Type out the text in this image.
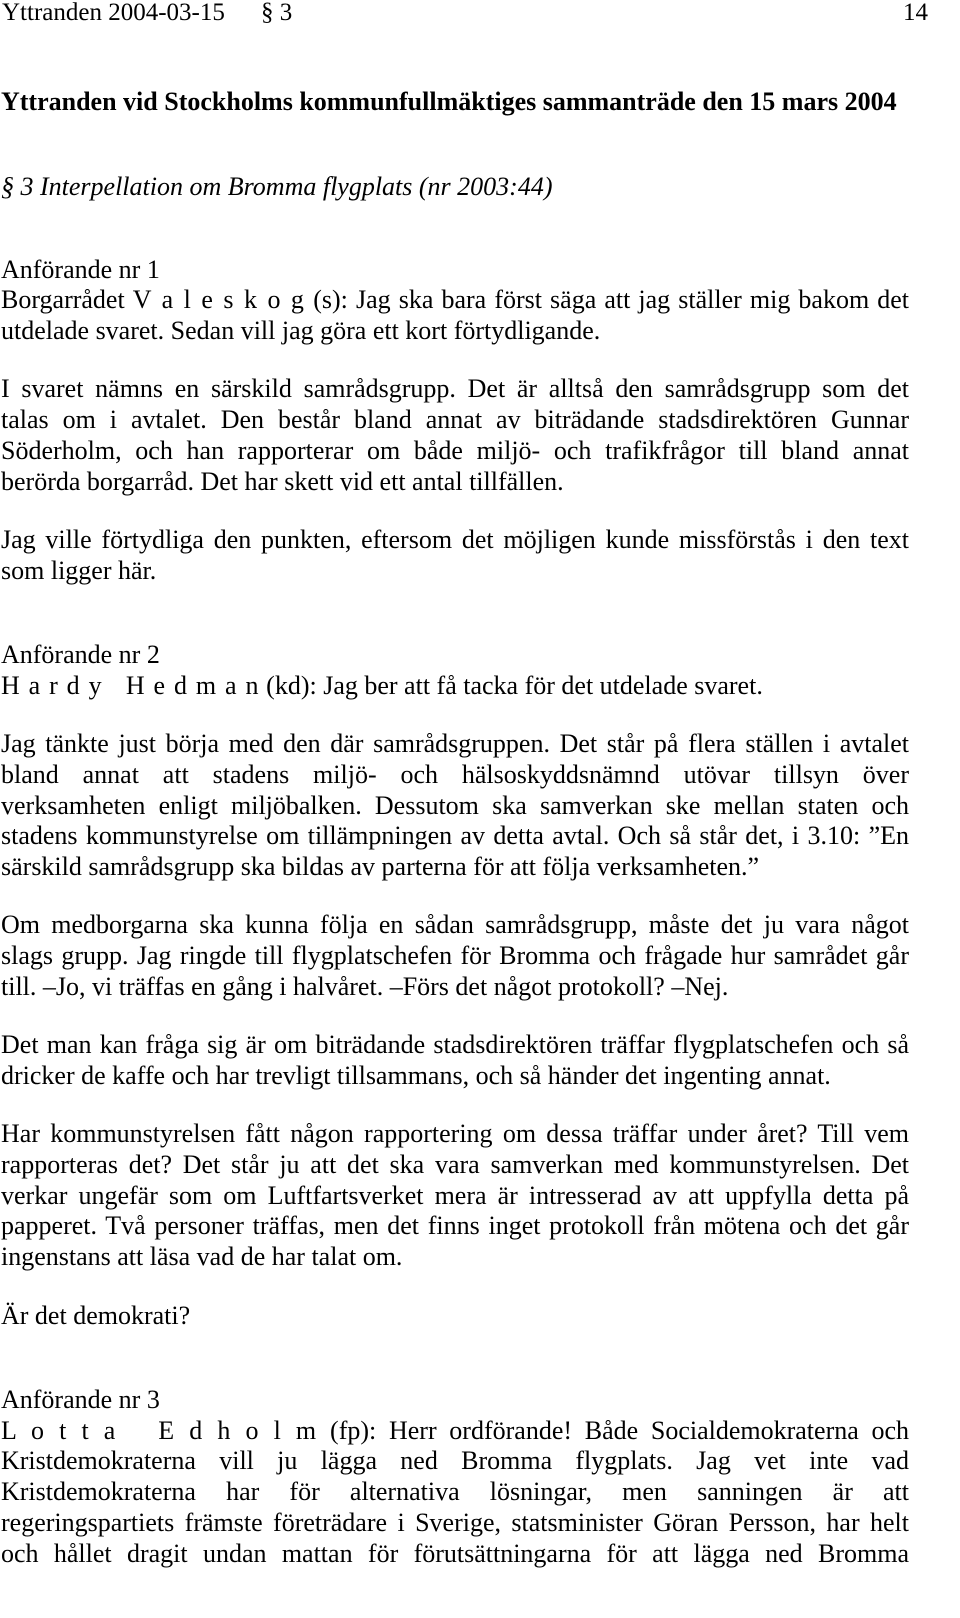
Yttranden 2004-03-15 § 3	14
Yttranden vid Stockholms kommunfullmäktiges sammanträde den 15 mars 2004
§ 3 Interpellation om Bromma flygplats (nr 2003:44)
Anförande nr 1
Borgarrådet V a l e s k o g (s): Jag ska bara först säga att jag ställer mig bakom det
utdelade svaret. Sedan vill jag göra ett kort förtydligande.
I svaret nämns en särskild samrådsgrupp. Det är alltså den samrådsgrupp som det
talas om i avtalet. Den består bland annat av biträdande stadsdirektören Gunnar
Söderholm, och han rapporterar om både miljö- och trafikfrågor till bland annat
berörda borgarråd. Det har skett vid ett antal tillfällen.
Jag ville förtydliga den punkten, eftersom det möjligen kunde missförstås i den text
som ligger här.
Anförande nr 2
H a r d y   H e d m a n (kd): Jag ber att få tacka för det utdelade svaret.
Jag tänkte just börja med den där samrådsgruppen. Det står på flera ställen i avtalet
bland annat att stadens miljö- och hälsoskyddsnämnd utövar tillsyn över
verksamheten enligt miljöbalken. Dessutom ska samverkan ske mellan staten och
stadens kommunstyrelse om tillämpningen av detta avtal. Och så står det, i 3.10: ”En
särskild samrådsgrupp ska bildas av parterna för att följa verksamheten.”
Om medborgarna ska kunna följa en sådan samrådsgrupp, måste det ju vara något
slags grupp. Jag ringde till flygplatschefen för Bromma och frågade hur samrådet går
till. –Jo, vi träffas en gång i halvåret. –Förs det något protokoll? –Nej.
Det man kan fråga sig är om biträdande stadsdirektören träffar flygplatschefen och så
dricker de kaffe och har trevligt tillsammans, och så händer det ingenting annat.
Har kommunstyrelsen fått någon rapportering om dessa träffar under året? Till vem
rapporteras det? Det står ju att det ska vara samverkan med kommunstyrelsen. Det
verkar ungefär som om Luftfartsverket mera är intresserad av att uppfylla detta på
papperet. Två personer träffas, men det finns inget protokoll från mötena och det går
ingenstans att läsa vad de har talat om.
Är det demokrati?
Anförande nr 3
L o t t a   E d h o l m (fp): Herr ordförande! Både Socialdemokraterna och
Kristdemokraterna vill ju lägga ned Bromma flygplats. Jag vet inte vad
Kristdemokraterna har för alternativa lösningar, men sanningen är att
regeringspartiets främste företrädare i Sverige, statsminister Göran Persson, har helt
och hållet dragit undan mattan för förutsättningarna för att lägga ned Bromma
